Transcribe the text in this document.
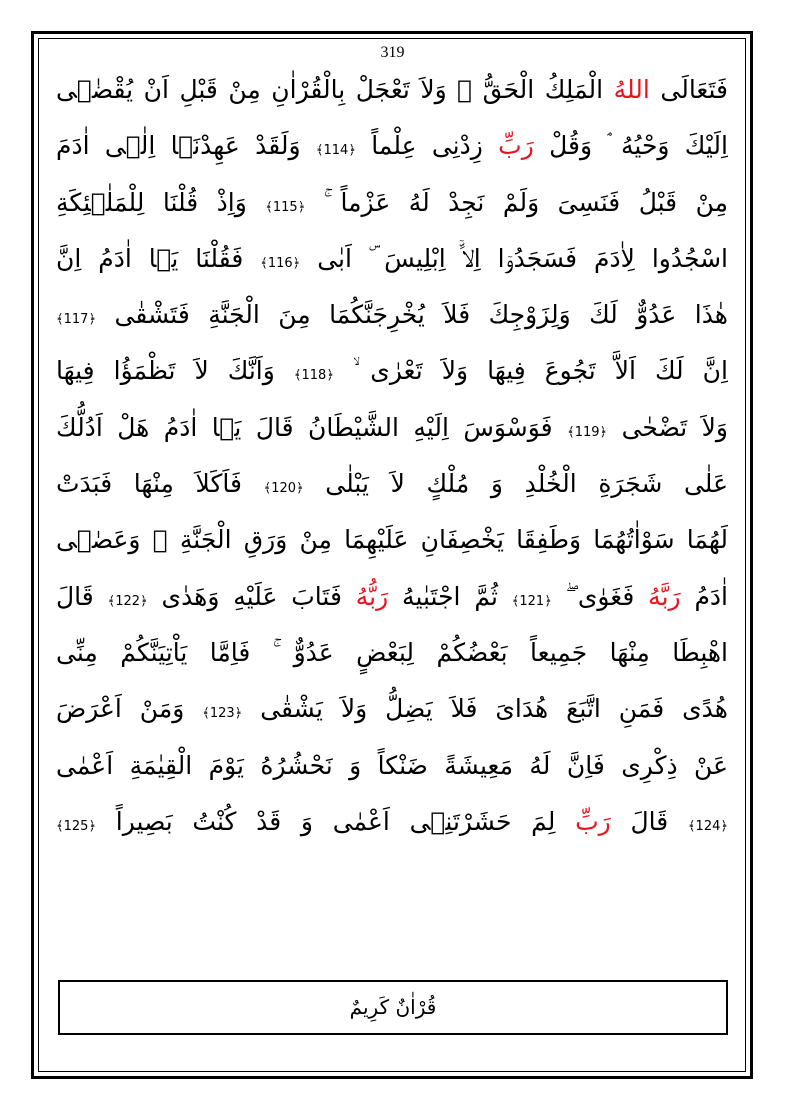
319
فَتَعَالَى اللهُ الْمَلِكُ الْحَقُّ ۚ وَلاَ تَعْجَلْ بِالْقُرْاٰنِ مِنْ قَبْلِ اَنْ يُقْضٰۤى
اِلَيْكَ وَحْيُهُ ۘ وَقُلْ رَبِّ زِدْنِى عِلْماً ﴿114﴾ وَلَقَدْ عَهِدْنَۤا اِلٰۤى اٰدَمَ
مِنْ قَبْلُ فَنَسِىَ وَلَمْ نَجِدْ لَهُ عَزْماً ۚ ﴿115﴾ وَاِذْ قُلْنَا لِلْمَلٰۤئِكَةِ
اسْجُدُوا لِاٰدَمَ فَسَجَدُوۤا اِلاَّۤ اِبْلِيسَ ۜ اَبٰى ﴿116﴾ فَقُلْنَا يَۤا اٰدَمُ اِنَّ
هٰذَا عَدُوٌّ لَكَ وَلِزَوْجِكَ فَلاَ يُخْرِجَنَّكُمَا مِنَ الْجَنَّةِ فَتَشْقٰى ﴿117﴾
اِنَّ لَكَ اَلاَّ تَجُوعَ فِيهَا وَلاَ تَعْرٰى ۙ ﴿118﴾ وَاَنَّكَ لاَ تَظْمَؤُا فِيهَا
وَلاَ تَضْحٰى ﴿119﴾ فَوَسْوَسَ اِلَيْهِ الشَّيْطَانُ قَالَ يَۤا اٰدَمُ هَلْ اَدُلُّكَ
عَلٰى شَجَرَةِ الْخُلْدِ وَ مُلْكٍ لاَ يَبْلٰى ﴿120﴾ فَاَكَلاَ مِنْهَا فَبَدَتْ
لَهُمَا سَوْاٰتُهُمَا وَطَفِقَا يَخْصِفَانِ عَلَيْهِمَا مِنْ وَرَقِ الْجَنَّةِ ۘ وَعَصٰۤى
اٰدَمُ رَبَّهُ فَغَوٰى ۖ ﴿121﴾ ثُمَّ اجْتَبٰيهُ رَبُّهُ فَتَابَ عَلَيْهِ وَهَدٰى ﴿122﴾ قَالَ
اهْبِطَا مِنْهَا جَمِيعاً بَعْضُكُمْ لِبَعْضٍ عَدُوٌّ ۚ فَاِمَّا يَاْتِيَنَّكُمْ مِنِّى
هُدًى فَمَنِ اتَّبَعَ هُدَاىَ فَلاَ يَضِلُّ وَلاَ يَشْقٰى ﴿123﴾ وَمَنْ اَعْرَضَ
عَنْ ذِكْرِى فَاِنَّ لَهُ مَعِيشَةً ضَنْكاً وَ نَحْشُرُهُ يَوْمَ الْقِيٰمَةِ اَعْمٰى
﴿124﴾ قَالَ رَبِّ لِمَ حَشَرْتَنِۤى اَعْمٰى وَ قَدْ كُنْتُ بَصِيراً ﴿125﴾
قُرْاٰنٌ كَرِيمٌ
